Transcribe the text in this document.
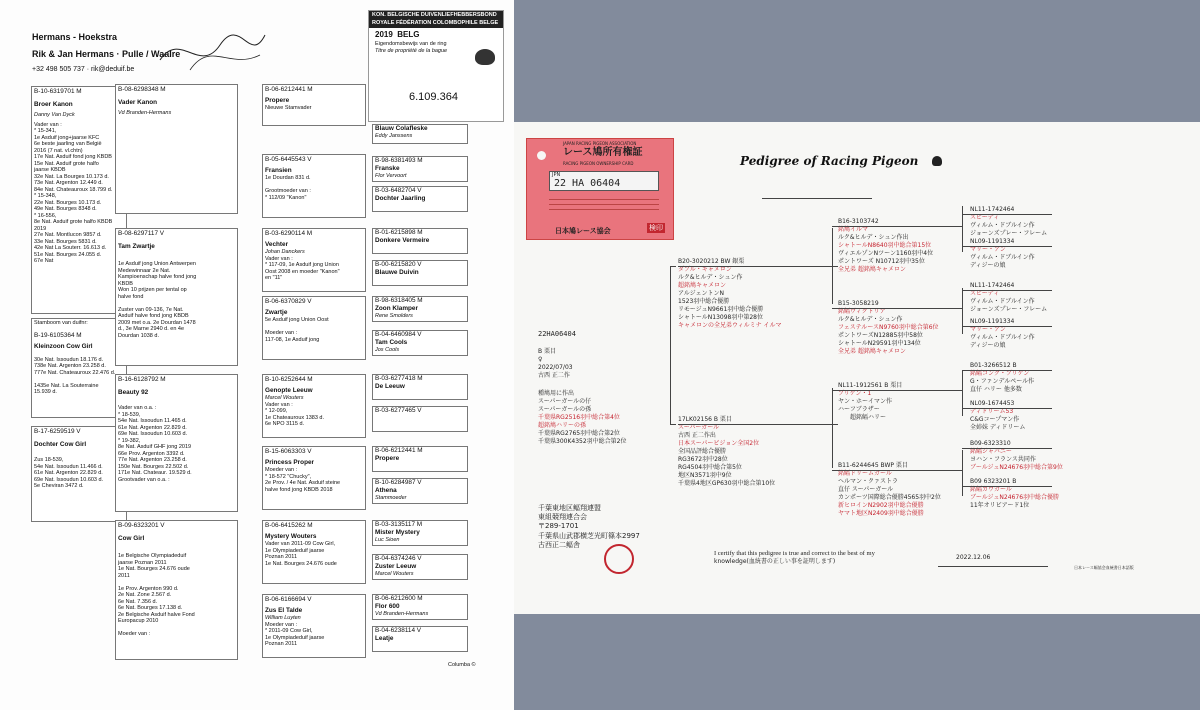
Hermans - Hoekstra
Rik & Jan Hermans · Pulle / Waalre
+32 498 505 737 · rik@deduif.be
KON. BELGISCHE DUIVENLIEFHEBBERSBOND
ROYALE FÉDÉRATION COLOMBOPHILE BELGE
2019 BELG
Eigendomsbewijs van de ring
Titre de propriété de la bague
6.109.364
B-10-6319701 M
Broer Kanon
Danny Van Dyck
Vader van :
* 15-341,
1e Asduif jong+jaarse KFC
6e beste jaarling van België
2016 (7 nat. vl.chtn)
17e Nat. Asduif fond jong KBDB
15e Nat. Asduif grote halfo
jaarse KBDB
32e Nat. La Bourges 10.173 d.
73e Nat. Argenton 12.449 d.
84e Nat. Chateauroux 18.799 d.
* 15-348,
22e Nat. Bourges 10.173 d.
49e Nat. Bourges 8348 d.
* 16-556,
8e Nat. Asduif grote halfo KBDB
2019
27e Nat. Montlucon 9857 d.
33e Nat. Bourges 5831 d.
42e Nat La Souterr. 16.613 d.
51e Nat. Bourges 24.055 d.
67e Nat
Stamboom van duifnr:
B-19-6105364 M
Kleinzoon Cow Girl
30e Nat. Issoudun 18.176 d.
738e Nat. Argenton 23.258 d.
777e Nat. Chateauroux 22.476 d.

1435e Nat. La Souterraine
15.939 d.
B-17-6259519 V
Dochter Cow Girl
Zus 18-539,
54e Nat. Issoudun 11.466 d.
61e Nat. Argenton 22.829 d.
69e Nat. Issoudun 10.603 d.
5e Cheviran 3472 d.
B-08-6298348 M
Vader Kanon
Vd Branden-Hermans
B-08-6297117 V
Tam Zwartje
1e Asduif jong Union Antwerpen
Medewinnaar 2e Nat.
Kampioenschap halve fond jong
KBDB
Won 10 prijzen per tental op
halve fond

Zuster van 09-136, 7e Nat.
Asduif halve fond jong KBDB
2009 met o.a. 2e Dourdan 1478
d., 3e Marne 2940 d. en 4e
Dourdan 1038 d.
B-16-6128792 M
Beauty 92
Vader van o.a. :
* 18-539,
54e Nat. Issoudun 11.465 d.
61e Nat. Argenton 22.829 d.
69e Nat. Issoudun 10.603 d.
* 19-382,
8e Nat. Asduif GHF jong 2019
66e Prov. Argenton 3392 d.
77e Nat. Argenton 23.258 d.
150e Nat. Bourges 22.502 d.
171e Nat. Chateaur. 19.529 d.
Grootvader van o.a. :
B-09-6323201 V
Cow Girl
1e Belgische Olympiadeduif
jaarse Poznan 2011
1e Nat. Bourges 24.676 oude
2011

1e Prov. Argenton 990 d.
2e Nat. Zone 2.567 d.
6e Nat. 7.356 d.
6e Nat. Bourges 17.138 d.
2e Belgische Asduif halve Fond
Europacup 2010

Moeder van :
B-06-6212441 M
Propere
Nieuwe Stamvader
B-05-6445543 V
Fransien
1e Dourdan 831 d.

Grootmoeder van :
* 112/09 "Kanon"
B-03-6290114 M
Vechter
Johan Danckers
Vader van :
* 117-09, 1e Asduif jong Union
Oost 2008 en moeder "Kanon"
en "11"
B-06-6370829 V
Zwartje
5e Asduif jong Union Oost

Moeder van :
117-08, 1e Asduif jong
B-10-6252644 M
Genopte Leeuw
Marcel Wouters
Vader van :
* 12-099,
1e Chateauroux 1383 d.
6e NPO 3115 d.
B-15-6063303 V
Princess Proper
Moeder van :
* 18-572 "Chucky",
2e Prov. / 4e Nat. Asduif steine
halve fond jong KBDB 2018
B-06-6415262 M
Mystery Wouters
Vader van 2011-09 Cow Girl,
1e Olympiadeduif jaarse
Poznan 2011
1e Nat. Bourges 24.676 oude
B-06-6166694 V
Zus El Talde
William Luyten
Moeder van :
* 2011-09 Cow Girl,
1e Olympiadeduif jaarse
Poznan 2011
Blauw Colafleske
Eddy Janssens
B-98-6381493 M
Franske
Flor Vervoort
B-03-6482704 V
Dochter Jaarling
B-01-6215898 M
Donkere Vermeire
B-00-6215820 V
Blauwe Duivin
B-98-6318405 M
Zoon Klamper
Rene Smolders
B-04-6460984 V
Tam Cools
Jos Cools
B-03-6277418 M
De Leeuw
B-03-6277465 V
B-06-6212441 M
Propere
B-10-6284987 V
Athena
Stammoeder
B-03-3135117 M
Mister Mystery
Luc Sioen
B-04-6374246 V
Zuster Leeuw
Marcel Wouters
B-06-6212600 M
Flor 600
Vd Branden-Hermans
B-04-6238114 V
Leatje
Columba ©
JAPAN RACING PIGEON ASSOCIATION
レース鳩所有権証
RACING PIGEON OWNERSHIP CARD
JPN
22 HA 06404
日本鳩レース協会	検印
Pedigree of Racing Pigeon
22HA06404
B 栗目
♀
2022/07/03
古西 正二作
種鳩用に作出
スーパーガールの仔
スーパーガールの孫
千葉県RG2516羽中総合第4位
超銘鳩ハリーの孫
千葉県RG2765羽中総合第2位
千葉県300K4352羽中総合第2位
B20-3020212 BW 銀栗
ダブル・キャメロン
ルク&ヒルデ・シュン作
超銘鳩キャメロン
アルジェントンN
1523羽中総合優勝
リモージュN9661羽中総合優勝
シャトールN13098羽中第28位
キャメロンの全兄弟ウィルミナ イルマ
17LK02156 B 栗目
スーパーガール
古西 正二作出
日本スーパービジョン全国2位
全国品評総合優勝
RG3672羽中28位
RG4504羽中総合第5位
地区N3571羽中9位
千葉県4地区GP630羽中総合第10位
B16-3103742
銘鳩イルマ
ルク&ヒルデ・シュン作出
シャトールN8640羽中総合第15位
ヴィエルゾンNツーン1160羽中4位
ポントワーズ N10712羽中35位
全兄弟 超銘鳩キャメロン
B15-3058219
銘鲾ヴィクトリア
ルク&ヒルデ・シュン作
フェステルースN9760羽中総合第6位
ポントワーズN12885羽中58位
シャトールN29591羽中134位
全兄弟 超銘鳩キャメロン
NL11-1912561 B 栗目
ブリケン・1
ヤン・ホーイマン作
ハーフブラザー
　　超銘鲾ハリー
B11-6244645 BWP 栗目
銘鲾ドリームガール
ヘルマン・クァストラ
直仔 スーパーガール
カンポーツ国際総合優勝4565羽中2位
新ヒロインN2902羽中総合優勝
ヤマト地区N2409羽中総合優勝
NL11-1742464
スピーディ
ヴィルム・ドブルイン作
ジョーンズプレー・フレーム
NL09-1191334
マリー・アン
ヴィルム・ドブルイン作
ディジーの娘
NL11-1742464
スピーディ
ヴィルム・ドブルイン作
ジョーンズプレー・フレーム
NL09-1191334
マリー・アン
ヴィルム・ドブルイン作
ディジーの娘
B01-3266512 B
銘鲾コング・ブリケン
G・ファンデルペール作
直仔 ハリー 他多数
NL09-1674453
ディドリーム53
C&Gコープマン作
全姉妹 ディドリーム
B09-6323310
銘鲾ジャパニー
ヨハン・フランス共同作
ブールジュN24676羽中総合第9位
B09 6323201 B
銘鲾カウガール
ブールジュN24676羽中総合優勝
11年オリビアード1位
千葉東地区鲾翔連盟
東組競翔連合会
〒289-1701
千葉県山武郡横芝光町篠本2997
古西正二鲾舎
I certify that this pedigree is true and correct to the best of my
knowledge(血統書の正しい事を証明します)
2022.12.06
日本レース鲾協会血統書日本語版
